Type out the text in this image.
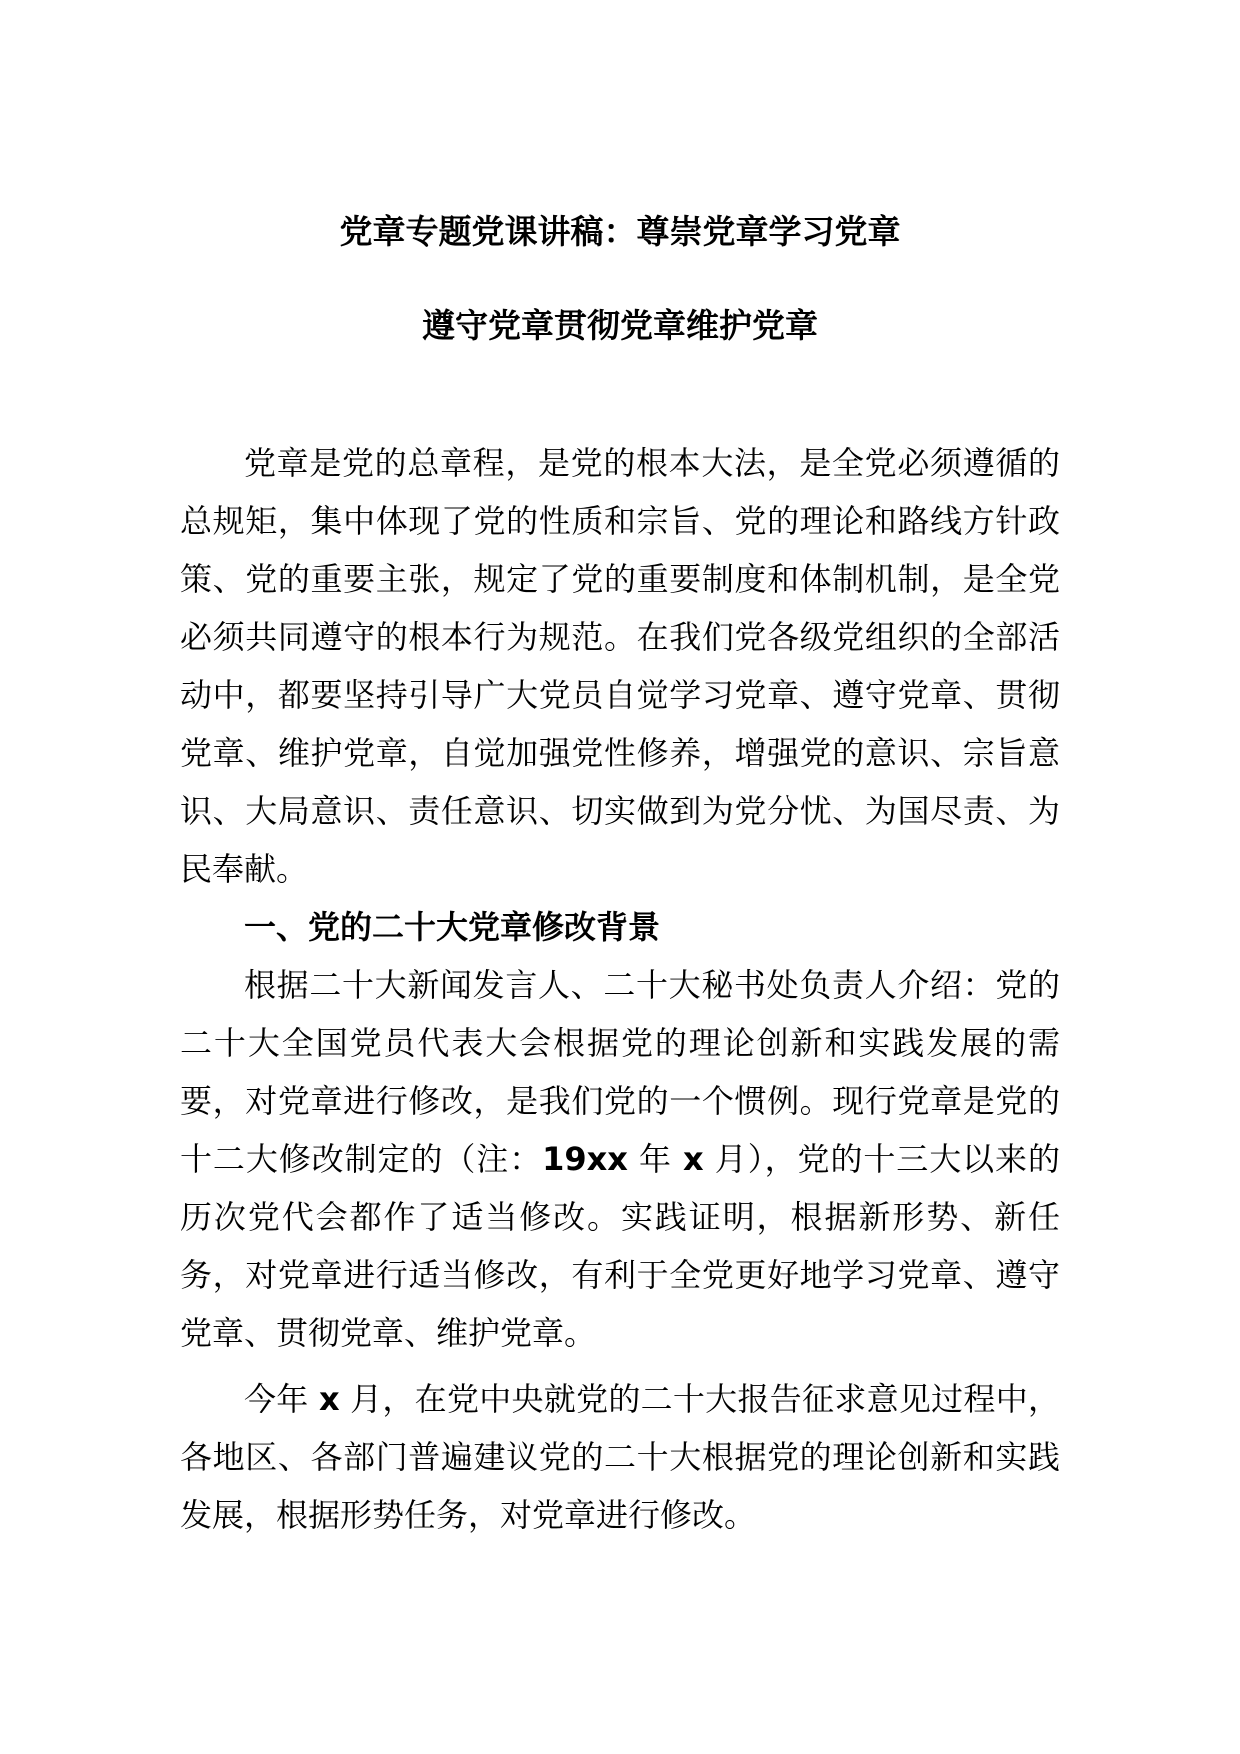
党章专题党课讲稿：尊崇党章学习党章
遵守党章贯彻党章维护党章

党章是党的总章程，是党的根本大法，是全党必须遵循的总规矩，集中体现了党的性质和宗旨、党的理论和路线方针政策、党的重要主张，规定了党的重要制度和体制机制，是全党必须共同遵守的根本行为规范。在我们党各级党组织的全部活动中，都要坚持引导广大党员自觉学习党章、遵守党章、贯彻党章、维护党章，自觉加强党性修养，增强党的意识、宗旨意识、大局意识、责任意识、切实做到为党分忧、为国尽责、为民奉献。

一、党的二十大党章修改背景

根据二十大新闻发言人、二十大秘书处负责人介绍：党的二十大全国党员代表大会根据党的理论创新和实践发展的需要，对党章进行修改，是我们党的一个惯例。现行党章是党的十二大修改制定的（注：19xx 年 x 月），党的十三大以来的历次党代会都作了适当修改。实践证明，根据新形势、新任务，对党章进行适当修改，有利于全党更好地学习党章、遵守党章、贯彻党章、维护党章。

今年 x 月，在党中央就党的二十大报告征求意见过程中，各地区、各部门普遍建议党的二十大根据党的理论创新和实践发展，根据形势任务，对党章进行修改。
